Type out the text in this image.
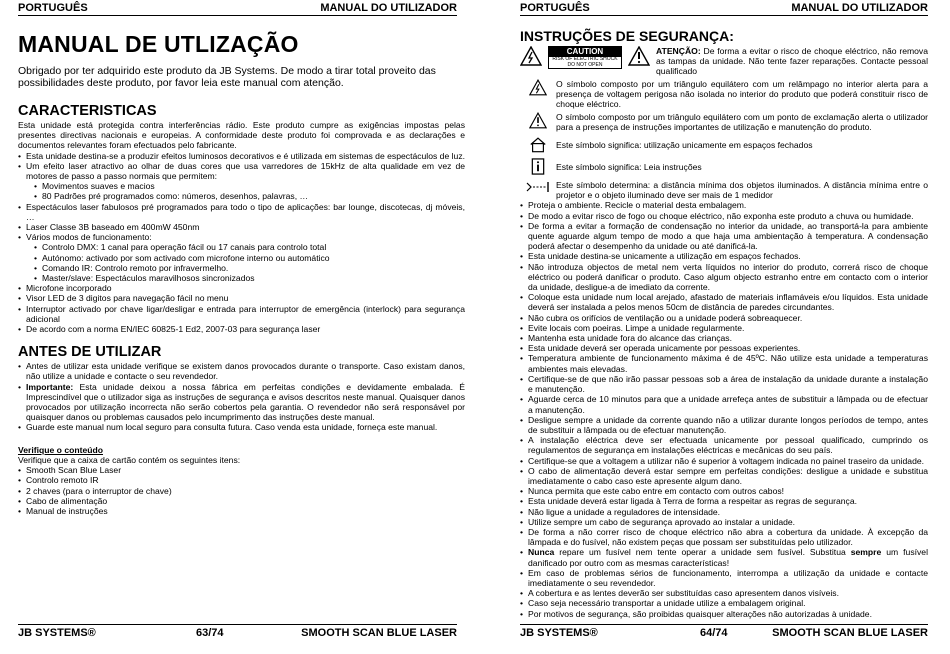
PORTUGUÊS	MANUAL DO UTILIZADOR
MANUAL DE UTLIZAÇÃO

Obrigado por ter adquirido este produto da JB Systems. De modo a tirar total proveito das possibilidades deste produto, por favor leia este manual com atenção.

CARACTERISTICAS

Esta unidade está protegida contra interferências rádio. Este produto cumpre as exigências impostas pelas presentes directivas nacionais e europeias. A conformidade deste produto foi comprovada e as declarações e documentos relevantes foram efectuados pelo fabricante.

• Esta unidade destina-se a produzir efeitos luminosos decorativos e é utilizada em sistemas de espectáculos de luz.
• Um efeito laser atractivo ao olhar de duas cores que usa varredores de 15kHz de alta qualidade em vez de motores de passo a passo normais que permitem:
• Movimentos suaves e macios
• 80 Padrões pré programados como: números, desenhos, palavras, …
• Espectáculos laser fabulosos pré programados para todo o tipo de aplicações: bar lounge, discotecas, dj móveis, …
• Laser Classe 3B baseado em 400mW 450nm
• Vários modos de funcionamento:
• Controlo DMX: 1 canal para operação fácil ou 17 canais para controlo total
• Autónomo: activado por som activado com microfone interno ou automático
• Comando IR: Controlo remoto por infravermelho.
• Master/slave: Espectáculos maravilhosos sincronizados
• Microfone incorporado
• Visor LED de 3 digitos para navegação fácil no menu
• Interruptor activado por chave ligar/desligar e entrada para interruptor de emergência (interlock) para segurança adicional
• De acordo com a norma EN/IEC 60825-1 Ed2, 2007-03 para segurança laser
ANTES DE UTILIZAR
• Antes de utilizar esta unidade verifique se existem danos provocados durante o transporte. Caso existam danos, não utilize a unidade e contacte o seu revendedor.
• Importante: Esta unidade deixou a nossa fábrica em perfeitas condições e devidamente embalada. É Imprescindível que o utilizador siga as instruções de segurança e avisos descritos neste manual. Quaisquer danos provocados por utilização incorrecta não serão cobertos pela garantia. O revendedor não será responsável por quaisquer danos ou problemas causados pelo incumprimento das instruções deste manual.
• Guarde este manual num local seguro para consulta futura. Caso venda esta unidade, forneça este manual.

Verifique o conteúdo

Verifique que a caixa de cartão contém os seguintes itens:

• Smooth Scan Blue Laser
• Controlo remoto IR
• 2 chaves (para o interruptor de chave)
• Cabo de alimentação
• Manual de instruções
JB SYSTEMS®	63/74	SMOOTH SCAN BLUE LASER
PORTUGUÊS	MANUAL DO UTILIZADOR
INSTRUÇÕES DE SEGURANÇA:
CAUTION
RISK OF ELECTRIC SHOCK
DO NOT OPEN

ATENÇÃO: De forma a evitar o risco de choque eléctrico, não remova as tampas da unidade. Não tente fazer reparações. Contacte pessoal qualificado

O símbolo composto por um triângulo equilátero com um relâmpago no interior alerta para a presença de voltagem perigosa não isolada no interior do produto que poderá constituir risco de choque eléctrico.

O símbolo composto por um triângulo equilátero com um ponto de exclamação alerta o utilizador para a presença de instruções importantes de utilização e manutenção do produto.

Este símbolo significa: utilização unicamente em espaços fechados

Este símbolo significa: Leia instruções

Este símbolo determina: a distância mínima dos objetos iluminados. A distância mínima entre o projetor e o objeto iluminado deve ser mais de 1 medidor

• Proteja o ambiente. Recicle o material desta embalagem.
• De modo a evitar risco de fogo ou choque eléctrico, não exponha este produto a chuva ou humidade.
• De forma a evitar a formação de condensação no interior da unidade, ao transportá-la para ambiente quente aguarde algum tempo de modo a que haja uma ambientação à temperatura. A condensação poderá afectar o desempenho da unidade ou até danificá-la.
• Esta unidade destina-se unicamente a utilização em espaços fechados.
• Não introduza objectos de metal nem verta líquidos no interior do produto, correrá risco de choque eléctrico ou poderá danificar o produto. Caso algum objecto estranho entre em contacto com o interior da unidade, desligue-a de imediato da corrente.
• Coloque esta unidade num local arejado, afastado de materiais inflamáveis e/ou líquidos. Esta unidade deverá ser instalada a pelos menos 50cm de distância de paredes circundantes.
• Não cubra os orifícios de ventilação ou a unidade poderá sobreaquecer.
• Evite locais com poeiras. Limpe a unidade regularmente.
• Mantenha esta unidade fora do alcance das crianças.
• Esta unidade deverá ser operada unicamente por pessoas experientes.
• Temperatura ambiente de funcionamento máxima é de 45ºC. Não utilize esta unidade a temperaturas ambientes mais elevadas.
• Certifique-se de que não irão passar pessoas sob a área de instalação da unidade durante a instalação e manutenção.
• Aguarde cerca de 10 minutos para que a unidade arrefeça antes de substituir a lâmpada ou de efectuar a manutenção.
• Desligue sempre a unidade da corrente quando não a utilizar durante longos períodos de tempo, antes de substituir a lâmpada ou de efectuar manutenção.
• A instalação eléctrica deve ser efectuada unicamente por pessoal qualificado, cumprindo os regulamentos de segurança em instalações eléctricas e mecânicas do seu país.
• Certifique-se que a voltagem a utilizar não é superior à voltagem indicada no painel traseiro da unidade.
• O cabo de alimentação deverá estar sempre em perfeitas condições: desligue a unidade e substitua imediatamente o cabo caso este apresente algum dano.
• Nunca permita que este cabo entre em contacto com outros cabos!
• Esta unidade deverá estar ligada à Terra de forma a respeitar as regras de segurança.
• Não ligue a unidade a reguladores de intensidade.
• Utilize sempre um cabo de segurança aprovado ao instalar a unidade.
• De forma a não correr risco de choque eléctrico não abra a cobertura da unidade. À excepção da lâmpada e do fusível, não existem peças que possam ser substituídas pelo utilizador.
• Nunca repare um fusível nem tente operar a unidade sem fusível. Substitua sempre um fusível danificado por outro com as mesmas características!
• Em caso de problemas sérios de funcionamento, interrompa a utilização da unidade e contacte imediatamente o seu revendedor.
• A cobertura e as lentes deverão ser substituídas caso apresentem danos visíveis.
• Caso seja necessário transportar a unidade utilize a embalagem original.
• Por motivos de segurança, são proibidas quaisquer alterações não autorizadas à unidade.
JB SYSTEMS®	64/74	SMOOTH SCAN BLUE LASER
